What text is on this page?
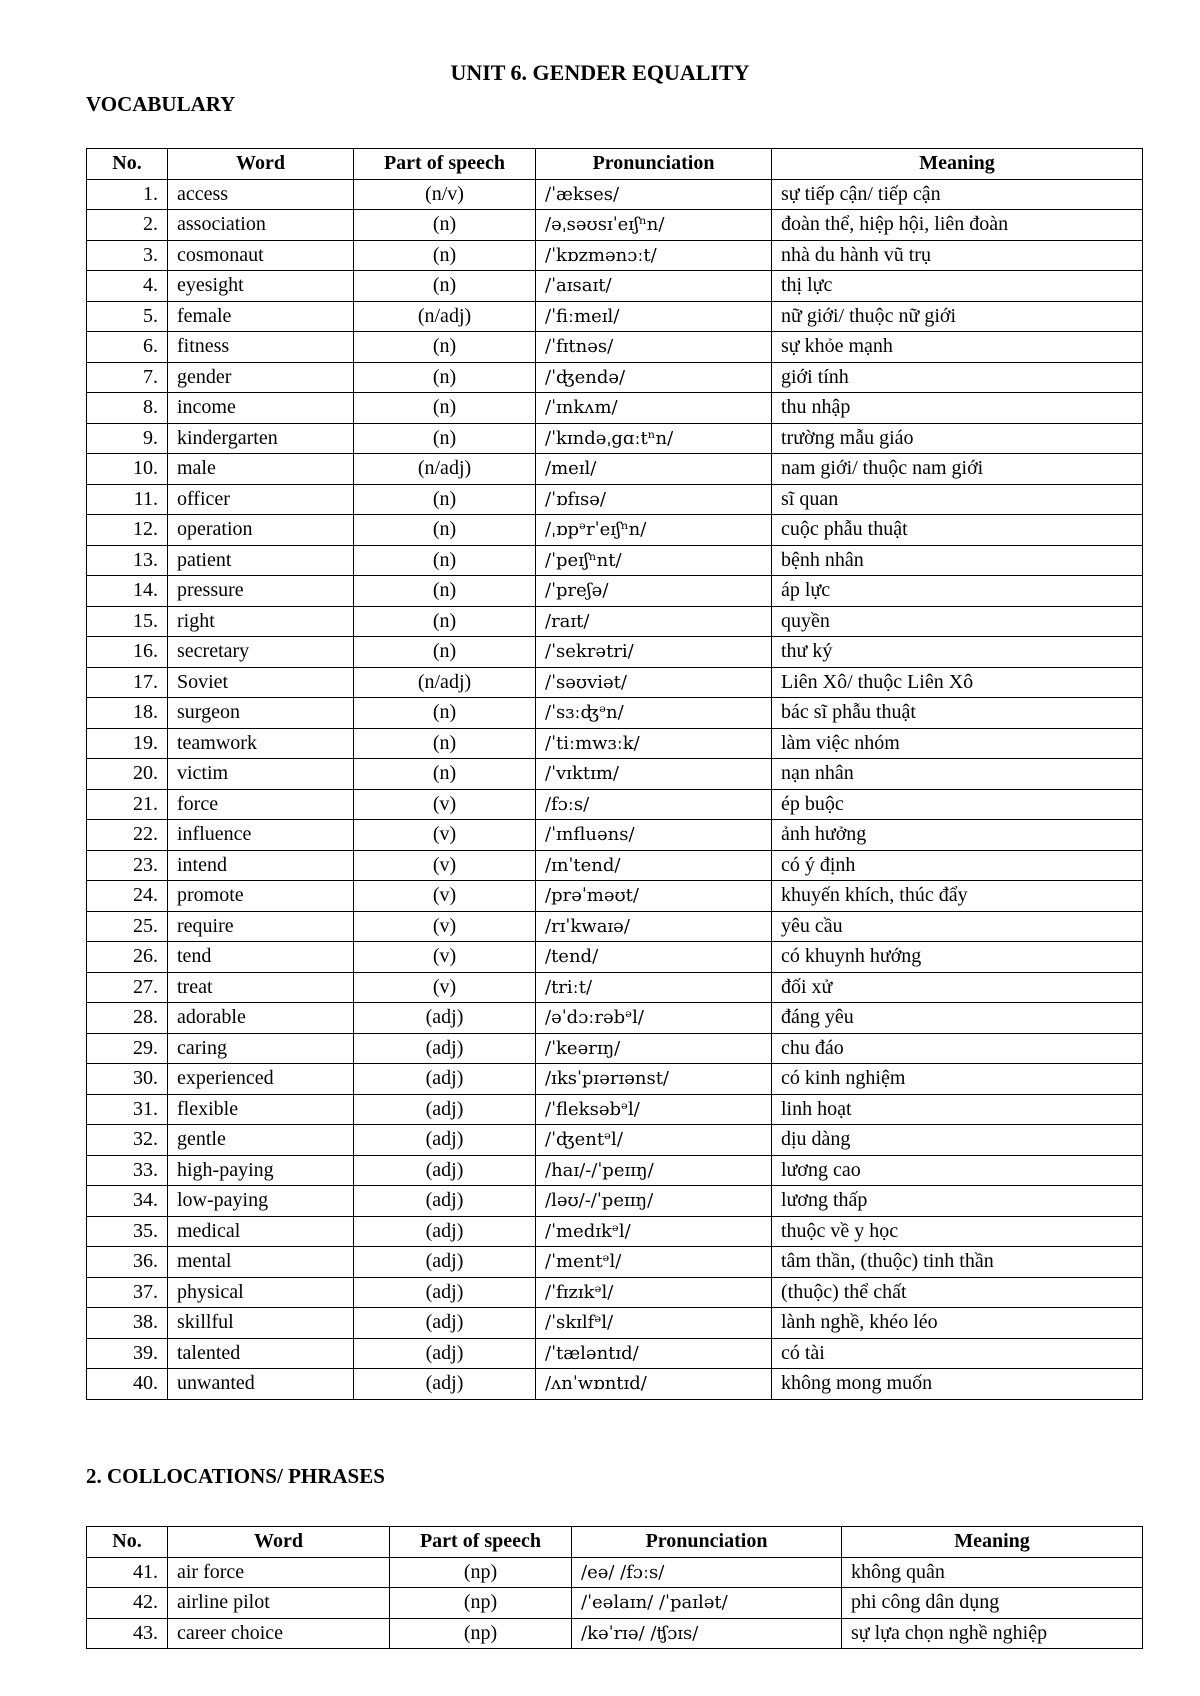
UNIT 6. GENDER EQUALITY
VOCABULARY
No.	Word	Part of speech	Pronunciation	Meaning
1.	access	(n/v)	/ˈækses/	sự tiếp cận/ tiếp cận
2.	association	(n)	/əˌsəʊsɪˈeɪʃⁿn/	đoàn thể, hiệp hội, liên đoàn
3.	cosmonaut	(n)	/ˈkɒzmənɔːt/	nhà du hành vũ trụ
4.	eyesight	(n)	/ˈaɪsaɪt/	thị lực
5.	female	(n/adj)	/ˈfiːmeɪl/	nữ giới/ thuộc nữ giới
6.	fitness	(n)	/ˈfɪtnəs/	sự khỏe mạnh
7.	gender	(n)	/ˈʤendə/	giới tính
8.	income	(n)	/ˈɪnkʌm/	thu nhập
9.	kindergarten	(n)	/ˈkɪndəˌgɑːtⁿn/	trường mẫu giáo
10.	male	(n/adj)	/meɪl/	nam giới/ thuộc nam giới
11.	officer	(n)	/ˈɒfɪsə/	sĩ quan
12.	operation	(n)	/ˌɒpᵊrˈeɪʃⁿn/	cuộc phẫu thuật
13.	patient	(n)	/ˈpeɪʃⁿnt/	bệnh nhân
14.	pressure	(n)	/ˈpreʃə/	áp lực
15.	right	(n)	/raɪt/	quyền
16.	secretary	(n)	/ˈsekrətri/	thư ký
17.	Soviet	(n/adj)	/ˈsəʊviət/	Liên Xô/ thuộc Liên Xô
18.	surgeon	(n)	/ˈsɜːʤᵊn/	bác sĩ phẫu thuật
19.	teamwork	(n)	/ˈtiːmwɜːk/	làm việc nhóm
20.	victim	(n)	/ˈvɪktɪm/	nạn nhân
21.	force	(v)	/fɔːs/	ép buộc
22.	influence	(v)	/ˈɪnfluəns/	ảnh hưởng
23.	intend	(v)	/ɪnˈtend/	có ý định
24.	promote	(v)	/prəˈməʊt/	khuyến khích, thúc đẩy
25.	require	(v)	/rɪˈkwaɪə/	yêu cầu
26.	tend	(v)	/tend/	có khuynh hướng
27.	treat	(v)	/triːt/	đối xử
28.	adorable	(adj)	/əˈdɔːrəbᵊl/	đáng yêu
29.	caring	(adj)	/ˈkeərɪŋ/	chu đáo
30.	experienced	(adj)	/ɪksˈpɪərɪənst/	có kinh nghiệm
31.	flexible	(adj)	/ˈfleksəbᵊl/	linh hoạt
32.	gentle	(adj)	/ˈʤentᵊl/	dịu dàng
33.	high-paying	(adj)	/haɪ/-/ˈpeɪɪŋ/	lương cao
34.	low-paying	(adj)	/ləʊ/-/ˈpeɪɪŋ/	lương thấp
35.	medical	(adj)	/ˈmedɪkᵊl/	thuộc về y học
36.	mental	(adj)	/ˈmentᵊl/	tâm thần, (thuộc) tinh thần
37.	physical	(adj)	/ˈfɪzɪkᵊl/	(thuộc) thể chất
38.	skillful	(adj)	/ˈskɪlfᵊl/	lành nghề, khéo léo
39.	talented	(adj)	/ˈtæləntɪd/	có tài
40.	unwanted	(adj)	/ʌnˈwɒntɪd/	không mong muốn
2. COLLOCATIONS/ PHRASES
No.	Word	Part of speech	Pronunciation	Meaning
41.	air force	(np)	/eə/ /fɔːs/	không quân
42.	airline pilot	(np)	/ˈeəlaɪn/ /ˈpaɪlət/	phi công dân dụng
43.	career choice	(np)	/kəˈrɪə/ /ʧɔɪs/	sự lựa chọn nghề nghiệp
